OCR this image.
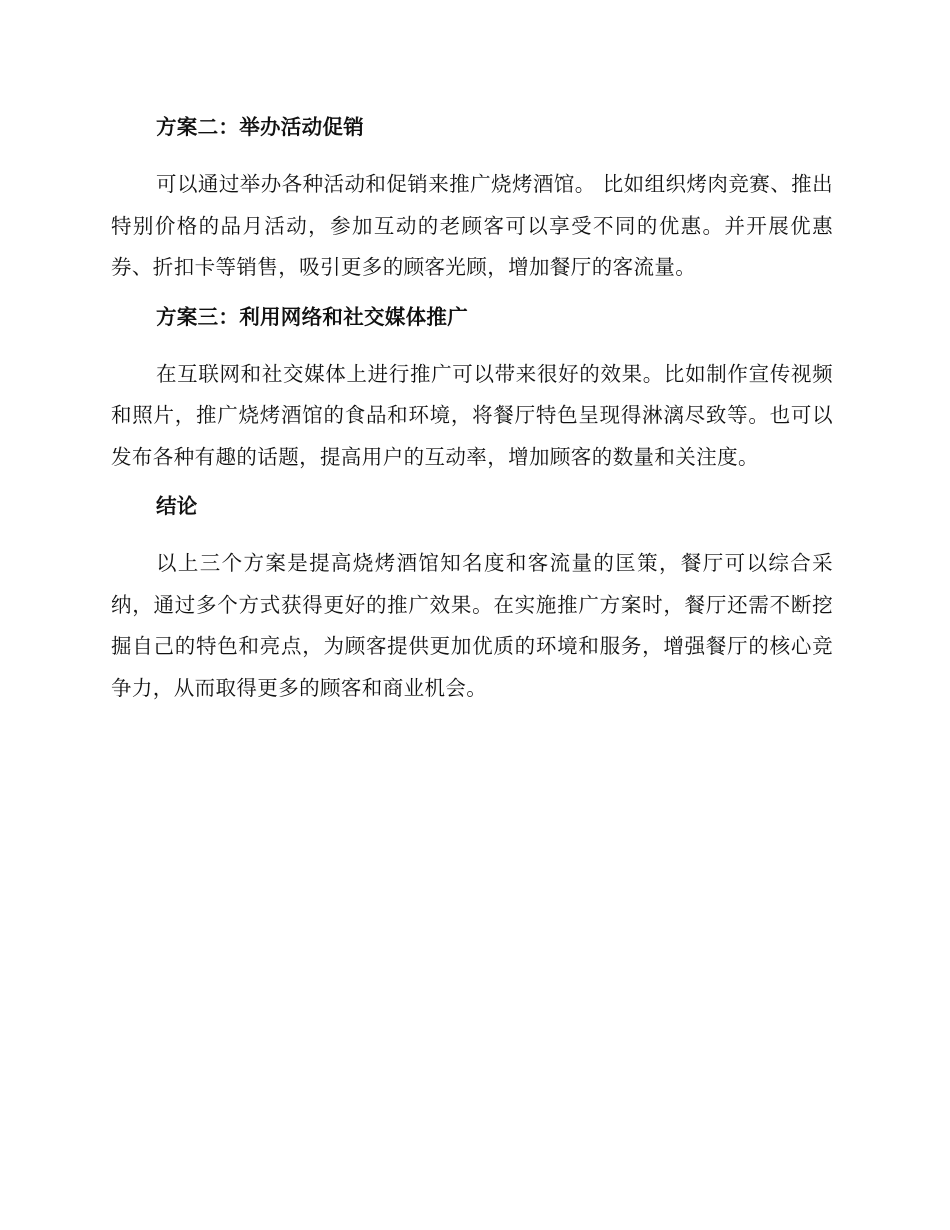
方案二：举办活动促销

可以通过举办各种活动和促销来推广烧烤酒馆。 比如组织烤肉竞赛、推出特别价格的品月活动，参加互动的老顾客可以享受不同的优惠。并开展优惠券、折扣卡等销售，吸引更多的顾客光顾，增加餐厅的客流量。

方案三：利用网络和社交媒体推广

在互联网和社交媒体上进行推广可以带来很好的效果。比如制作宣传视频和照片，推广烧烤酒馆的食品和环境，将餐厅特色呈现得淋漓尽致等。也可以发布各种有趣的话题，提高用户的互动率，增加顾客的数量和关注度。

结论

以上三个方案是提高烧烤酒馆知名度和客流量的匡策，餐厅可以综合采纳，通过多个方式获得更好的推广效果。在实施推广方案时，餐厅还需不断挖掘自己的特色和亮点，为顾客提供更加优质的环境和服务，增强餐厅的核心竞争力，从而取得更多的顾客和商业机会。
